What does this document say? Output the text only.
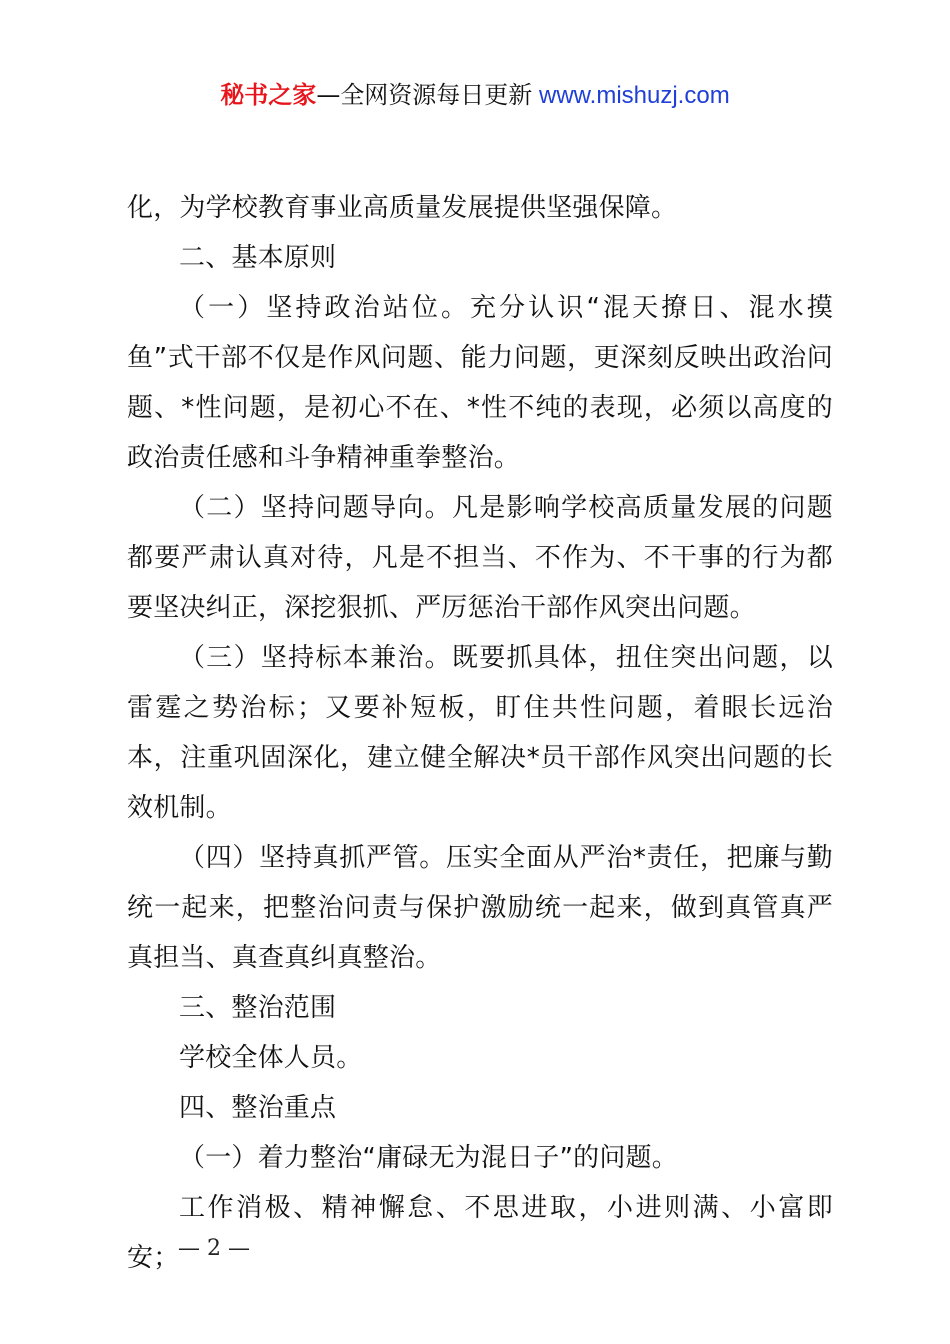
秘书之家—全网资源每日更新 www.mishuzj.com

化，为学校教育事业高质量发展提供坚强保障。

二、基本原则

（一）坚持政治站位。充分认识“混天撩日、混水摸鱼”式干部不仅是作风问题、能力问题，更深刻反映出政治问题、*性问题，是初心不在、*性不纯的表现，必须以高度的政治责任感和斗争精神重拳整治。

（二）坚持问题导向。凡是影响学校高质量发展的问题都要严肃认真对待，凡是不担当、不作为、不干事的行为都要坚决纠正，深挖狠抓、严厉惩治干部作风突出问题。

（三）坚持标本兼治。既要抓具体，扭住突出问题，以雷霆之势治标；又要补短板，盯住共性问题，着眼长远治本，注重巩固深化，建立健全解决*员干部作风突出问题的长效机制。

（四）坚持真抓严管。压实全面从严治*责任，把廉与勤统一起来，把整治问责与保护激励统一起来，做到真管真严真担当、真查真纠真整治。

三、整治范围

学校全体人员。

四、整治重点

（一）着力整治“庸碌无为混日子”的问题。

工作消极、精神懈怠、不思进取，小进则满、小富即安；

— 2 —
